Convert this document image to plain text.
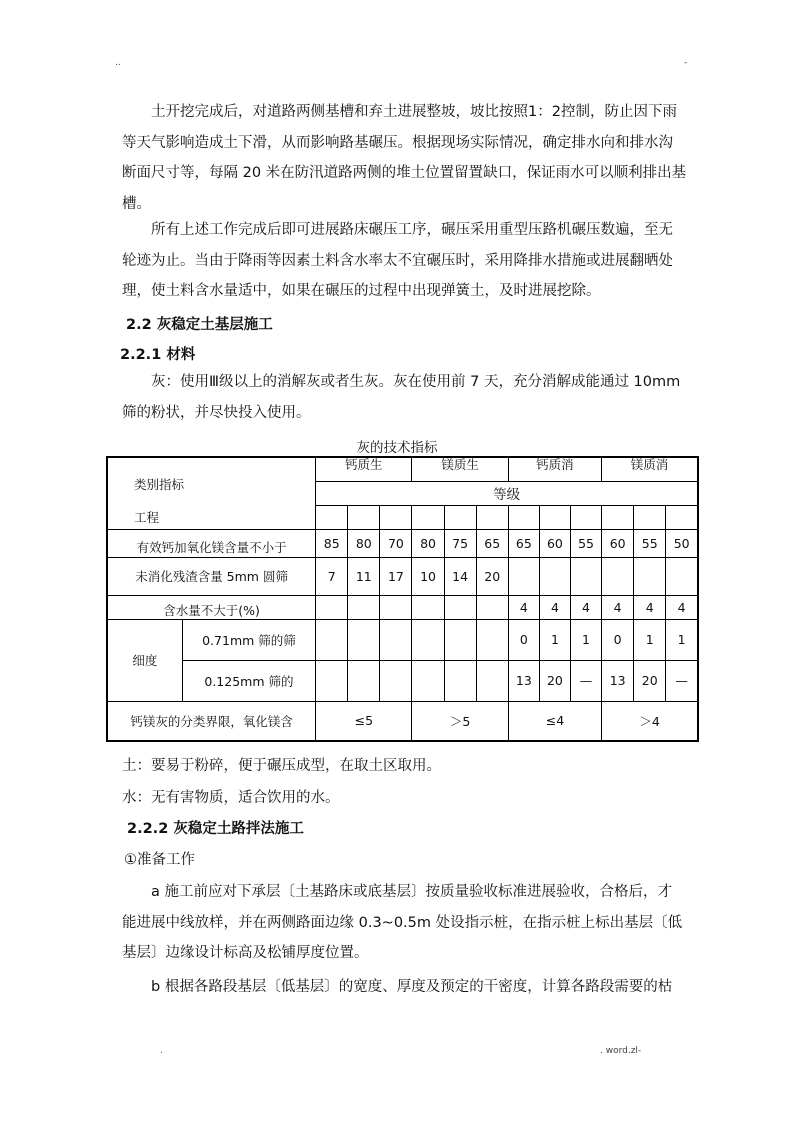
..	-

土开挖完成后，对道路两侧基槽和弃土进展整坡，坡比按照1：2控制，防止因下雨
等天气影响造成土下滑，从而影响路基碾压。根据现场实际情况，确定排水向和排水沟
断面尺寸等，每隔 20 米在防汛道路两侧的堆土位置留置缺口，保证雨水可以顺利排出基
槽。

所有上述工作完成后即可进展路床碾压工序，碾压采用重型压路机碾压数遍，至无
轮迹为止。当由于降雨等因素土料含水率太不宜碾压时，采用降排水措施或进展翻晒处
理，使土料含水量适中，如果在碾压的过程中出现弹簧土，及时进展挖除。

2.2 灰稳定土基层施工
2.2.1 材料

灰：使用Ⅲ级以上的消解灰或者生灰。灰在使用前 7 天，充分消解成能通过 10mm
筛的粉状，并尽快投入使用。

灰的技术指标
类别指标
工程		钙质生			镁质生			钙质消			镁质消		
		等级											

有效钙加氧化镁含量不小于		85	80	70	80	75	65	65	60	55	60	55	50
未消化残渣含量 5mm 圆筛		7	11	17	10	14	20						
含水量不大于(%)								4	4	4	4	4	4
细度	0.71mm 筛的筛							0	1	1	0	1	1
	0.125mm 筛的							13	20	—	13	20	—
钙镁灰的分类界限，氧化镁含		≤5			＞5			≤4			＞4		
土：要易于粉碎，便于碾压成型，在取土区取用。
水：无有害物质，适合饮用的水。
2.2.2 灰稳定土路拌法施工
①准备工作

a 施工前应对下承层〔土基路床或底基层〕按质量验收标准进展验收，合格后，才
能进展中线放样，并在两侧路面边缘 0.3~0.5m 处设指示桩，在指示桩上标出基层〔低
基层〕边缘设计标高及松铺厚度位置。

b 根据各路段基层〔低基层〕的宽度、厚度及预定的干密度，计算各路段需要的枯

.	. word.zl-
